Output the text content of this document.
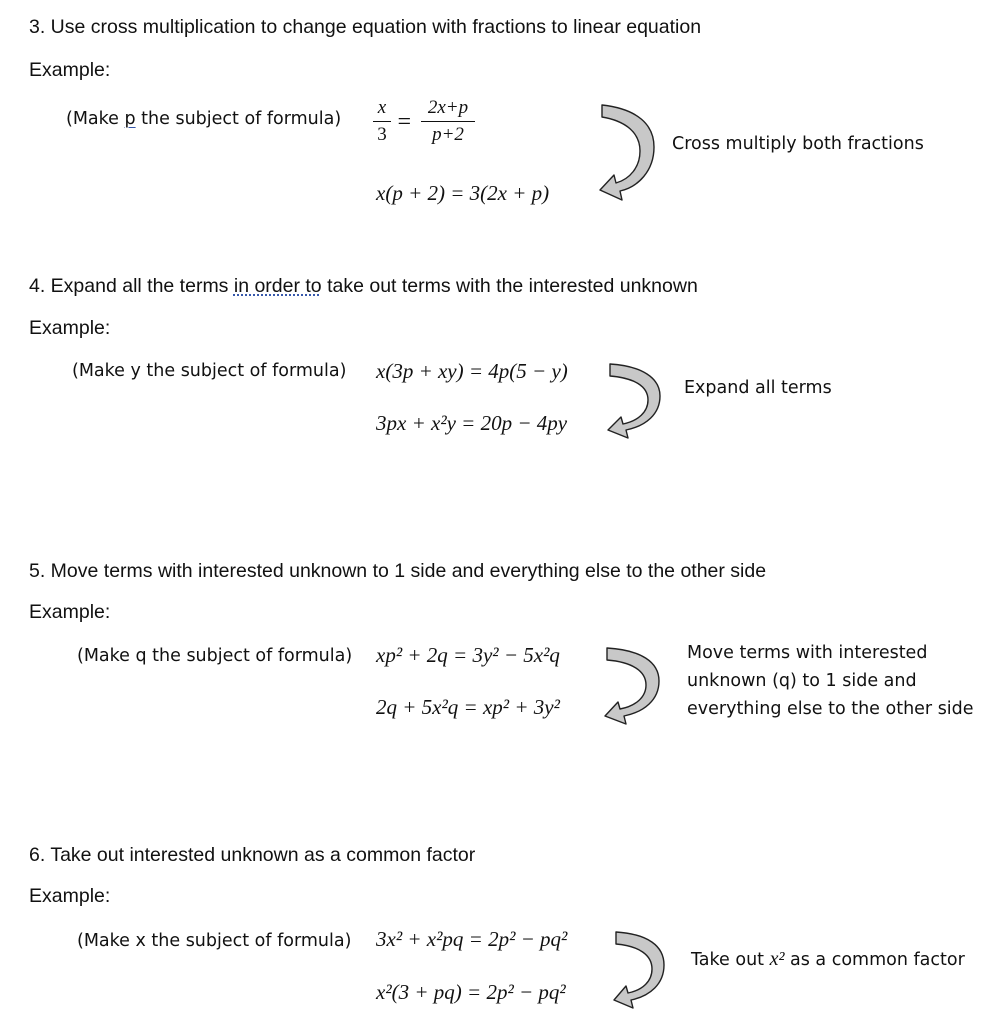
3. Use cross multiplication to change equation with fractions to linear equation
Example:
(Make p the subject of formula)
x
3 =
2x+p
p+2
x(p + 2) = 3(2x + p)
Cross multiply both fractions
4. Expand all the terms in order to take out terms with the interested unknown
Example:
(Make y the subject of formula) x(3p + xy) = 4p(5 − y)
3px + x²y = 20p − 4py
Expand all terms
5. Move terms with interested unknown to 1 side and everything else to the other side
Example:
(Make q the subject of formula) xp² + 2q = 3y² − 5x²q
2q + 5x²q = xp² + 3y²
Move terms with interested
unknown (q) to 1 side and
everything else to the other side
6. Take out interested unknown as a common factor
Example:
(Make x the subject of formula) 3x² + x²pq = 2p² − pq²
x²(3 + pq) = 2p² − pq²
Take out x² as a common factor
